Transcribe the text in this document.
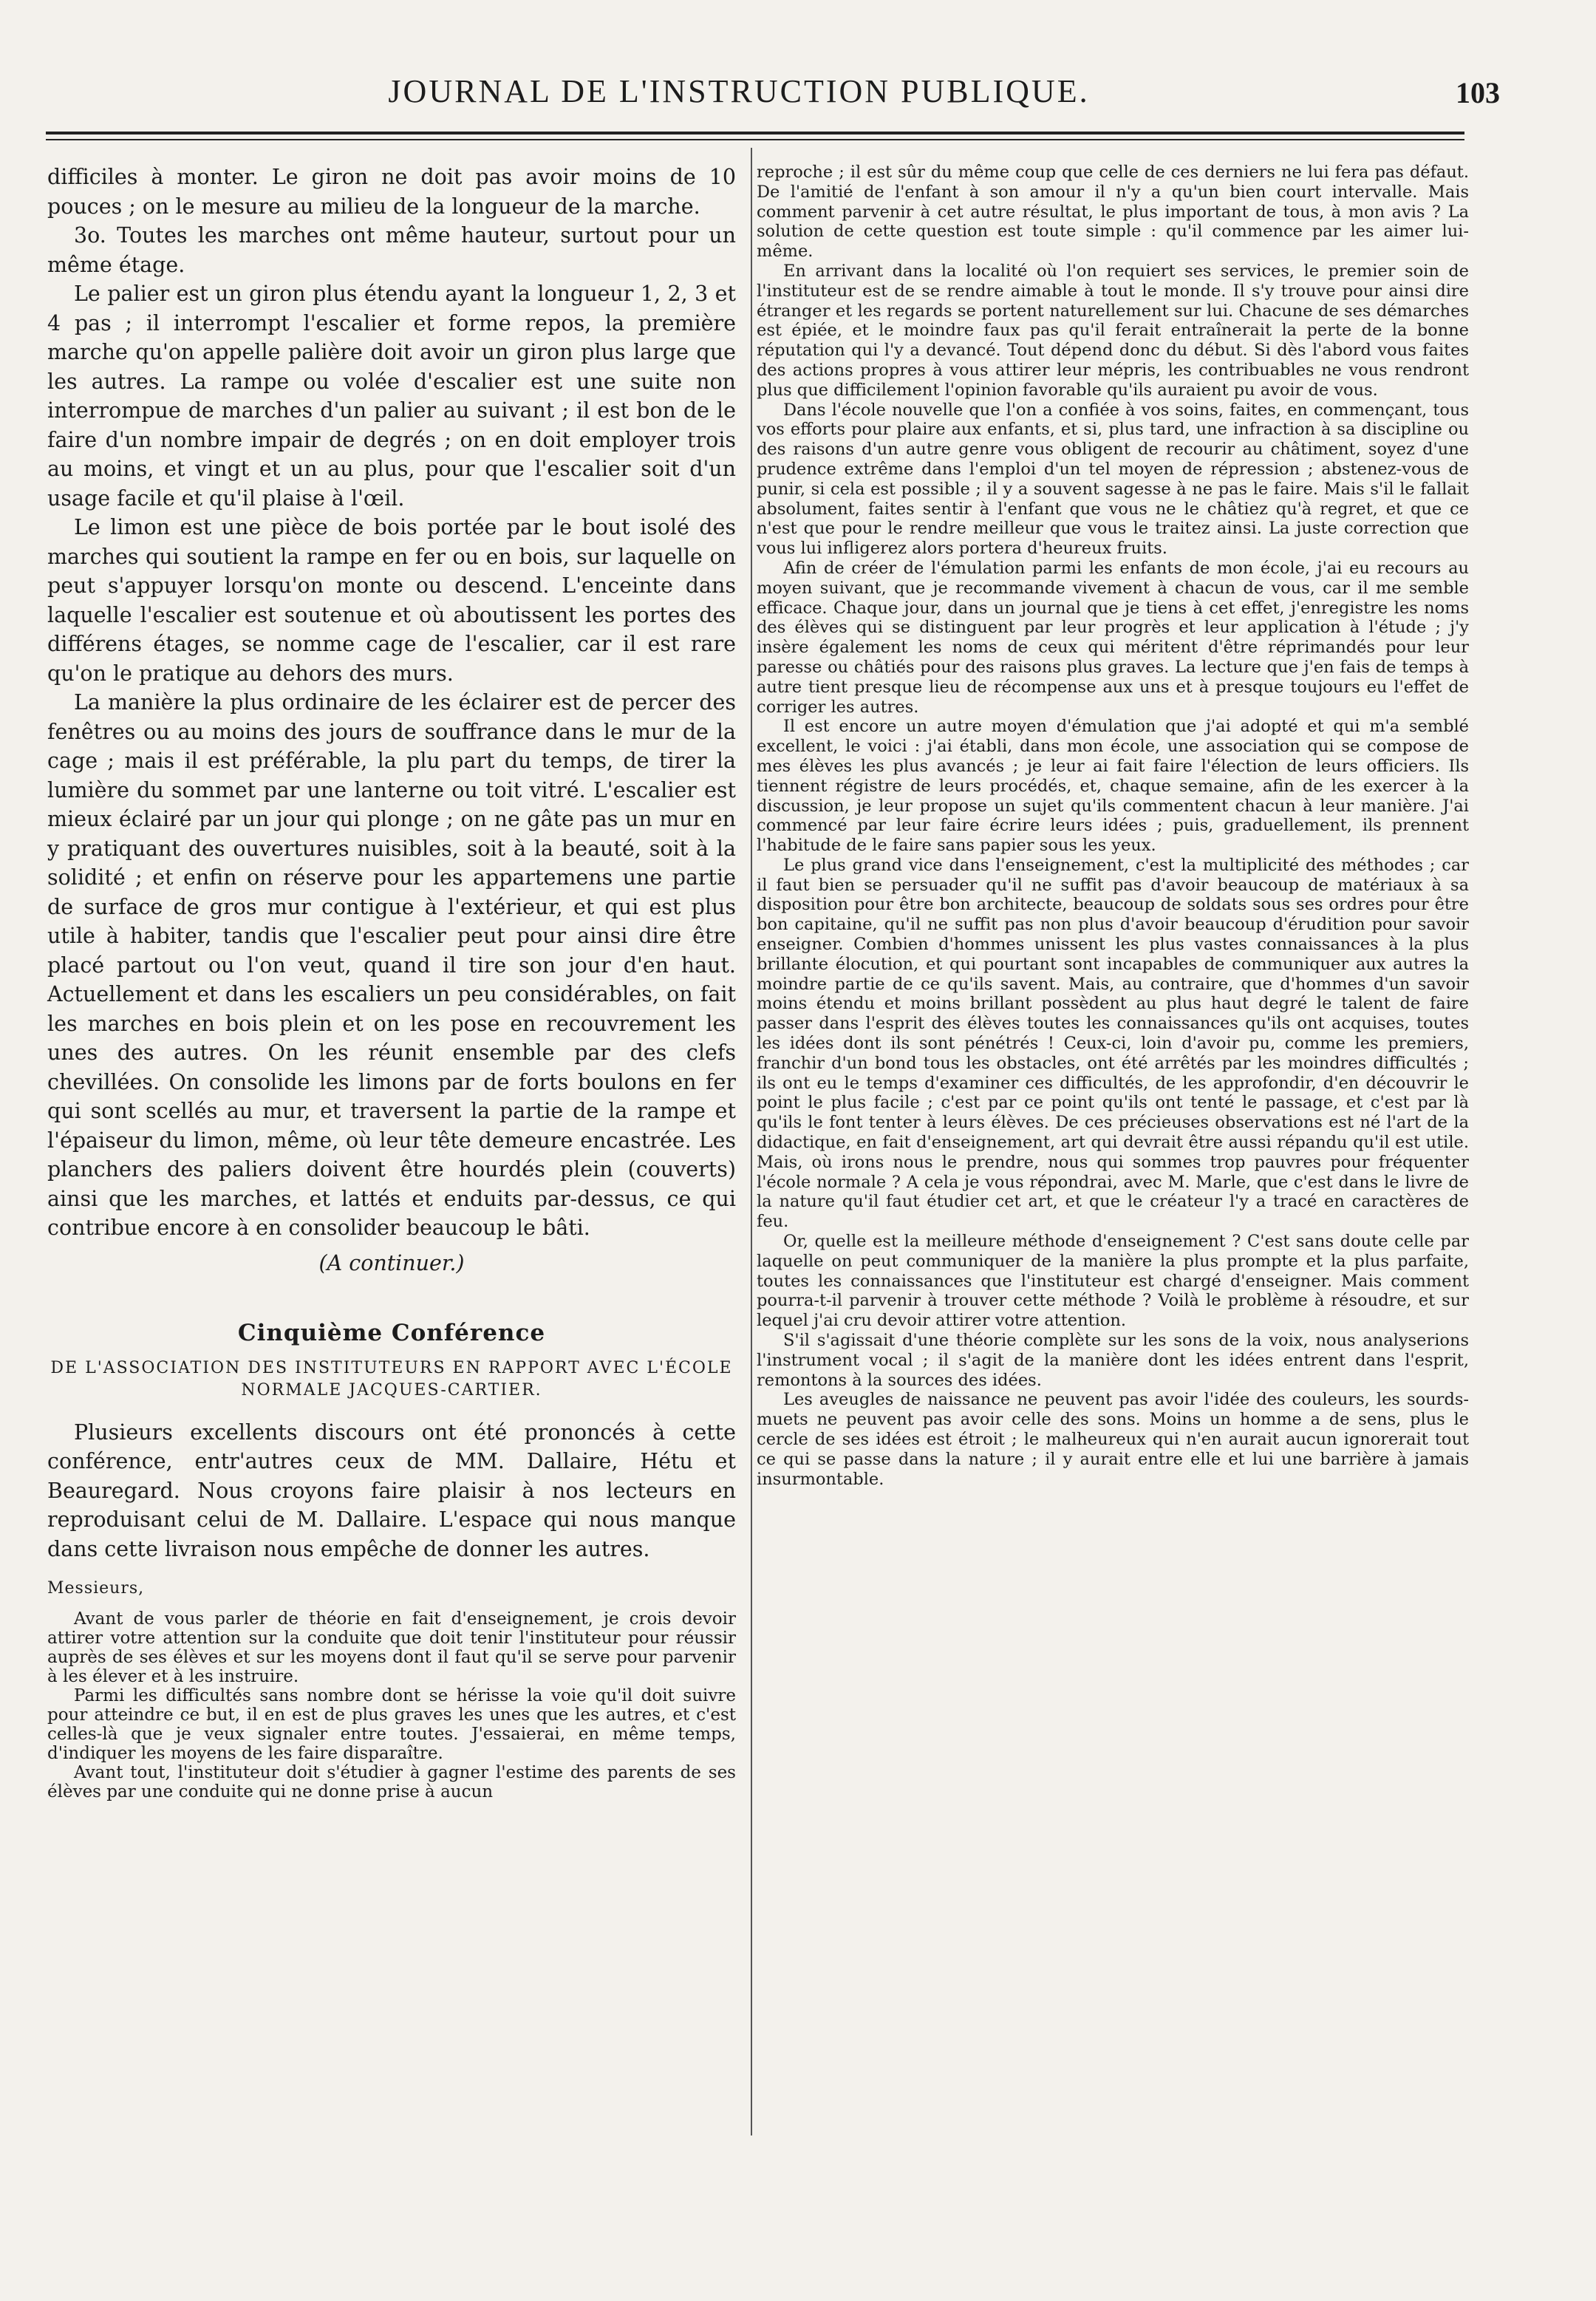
JOURNAL DE L'INSTRUCTION PUBLIQUE.	103

difficiles à monter. Le giron ne doit pas avoir moins de 10 pouces ; on le mesure au milieu de la longueur de la marche.

3o. Toutes les marches ont même hauteur, surtout pour un même étage.

Le palier est un giron plus étendu ayant la longueur 1, 2, 3 et 4 pas ; il interrompt l'escalier et forme repos, la première marche qu'on appelle palière doit avoir un giron plus large que les autres. La rampe ou volée d'escalier est une suite non interrompue de marches d'un palier au suivant ; il est bon de le faire d'un nombre impair de degrés ; on en doit employer trois au moins, et vingt et un au plus, pour que l'escalier soit d'un usage facile et qu'il plaise à l'œil.

Le limon est une pièce de bois portée par le bout isolé des marches qui soutient la rampe en fer ou en bois, sur laquelle on peut s'appuyer lorsqu'on monte ou descend. L'enceinte dans laquelle l'escalier est soutenue et où aboutissent les portes des différens étages, se nomme cage de l'escalier, car il est rare qu'on le pratique au dehors des murs.

La manière la plus ordinaire de les éclairer est de percer des fenêtres ou au moins des jours de souffrance dans le mur de la cage ; mais il est préférable, la plu part du temps, de tirer la lumière du sommet par une lanterne ou toit vitré. L'escalier est mieux éclairé par un jour qui plonge ; on ne gâte pas un mur en y pratiquant des ouvertures nuisibles, soit à la beauté, soit à la solidité ; et enfin on réserve pour les appartemens une partie de surface de gros mur contigue à l'extérieur, et qui est plus utile à habiter, tandis que l'escalier peut pour ainsi dire être placé partout ou l'on veut, quand il tire son jour d'en haut. Actuellement et dans les escaliers un peu considérables, on fait les marches en bois plein et on les pose en recouvrement les unes des autres. On les réunit ensemble par des clefs chevillées. On consolide les limons par de forts boulons en fer qui sont scellés au mur, et traversent la partie de la rampe et l'épaiseur du limon, même, où leur tête demeure encastrée. Les planchers des paliers doivent être hourdés plein (couverts) ainsi que les marches, et lattés et enduits par-dessus, ce qui contribue encore à en consolider beaucoup le bâti.

(A continuer.)

Cinquième Conférence
DE L'ASSOCIATION DES INSTITUTEURS EN RAPPORT AVEC L'ÉCOLE NORMALE JACQUES-CARTIER.

Plusieurs excellents discours ont été prononcés à cette conférence, entr'autres ceux de MM. Dallaire, Hétu et Beauregard. Nous croyons faire plaisir à nos lecteurs en reproduisant celui de M. Dallaire. L'espace qui nous manque dans cette livraison nous empêche de donner les autres.

Messieurs,

Avant de vous parler de théorie en fait d'enseignement, je crois devoir attirer votre attention sur la conduite que doit tenir l'instituteur pour réussir auprès de ses élèves et sur les moyens dont il faut qu'il se serve pour parvenir à les élever et à les instruire.

Parmi les difficultés sans nombre dont se hérisse la voie qu'il doit suivre pour atteindre ce but, il en est de plus graves les unes que les autres, et c'est celles-là que je veux signaler entre toutes. J'essaierai, en même temps, d'indiquer les moyens de les faire disparaître.

Avant tout, l'instituteur doit s'étudier à gagner l'estime des parents de ses élèves par une conduite qui ne donne prise à aucun

reproche ; il est sûr du même coup que celle de ces derniers ne lui fera pas défaut. De l'amitié de l'enfant à son amour il n'y a qu'un bien court intervalle. Mais comment parvenir à cet autre résultat, le plus important de tous, à mon avis ? La solution de cette question est toute simple : qu'il commence par les aimer lui-même.

En arrivant dans la localité où l'on requiert ses services, le premier soin de l'instituteur est de se rendre aimable à tout le monde. Il s'y trouve pour ainsi dire étranger et les regards se portent naturellement sur lui. Chacune de ses démarches est épiée, et le moindre faux pas qu'il ferait entraînerait la perte de la bonne réputation qui l'y a devancé. Tout dépend donc du début. Si dès l'abord vous faites des actions propres à vous attirer leur mépris, les contribuables ne vous rendront plus que difficilement l'opinion favorable qu'ils auraient pu avoir de vous.

Dans l'école nouvelle que l'on a confiée à vos soins, faites, en commençant, tous vos efforts pour plaire aux enfants, et si, plus tard, une infraction à sa discipline ou des raisons d'un autre genre vous obligent de recourir au châtiment, soyez d'une prudence extrême dans l'emploi d'un tel moyen de répression ; abstenez-vous de punir, si cela est possible ; il y a souvent sagesse à ne pas le faire. Mais s'il le fallait absolument, faites sentir à l'enfant que vous ne le châtiez qu'à regret, et que ce n'est que pour le rendre meilleur que vous le traitez ainsi. La juste correction que vous lui infligerez alors portera d'heureux fruits.

Afin de créer de l'émulation parmi les enfants de mon école, j'ai eu recours au moyen suivant, que je recommande vivement à chacun de vous, car il me semble efficace. Chaque jour, dans un journal que je tiens à cet effet, j'enregistre les noms des élèves qui se distinguent par leur progrès et leur application à l'étude ; j'y insère également les noms de ceux qui méritent d'être réprimandés pour leur paresse ou châtiés pour des raisons plus graves. La lecture que j'en fais de temps à autre tient presque lieu de récompense aux uns et à presque toujours eu l'effet de corriger les autres.

Il est encore un autre moyen d'émulation que j'ai adopté et qui m'a semblé excellent, le voici : j'ai établi, dans mon école, une association qui se compose de mes élèves les plus avancés ; je leur ai fait faire l'élection de leurs officiers. Ils tiennent régistre de leurs procédés, et, chaque semaine, afin de les exercer à la discussion, je leur propose un sujet qu'ils commentent chacun à leur manière. J'ai commencé par leur faire écrire leurs idées ; puis, graduellement, ils prennent l'habitude de le faire sans papier sous les yeux.

Le plus grand vice dans l'enseignement, c'est la multiplicité des méthodes ; car il faut bien se persuader qu'il ne suffit pas d'avoir beaucoup de matériaux à sa disposition pour être bon architecte, beaucoup de soldats sous ses ordres pour être bon capitaine, qu'il ne suffit pas non plus d'avoir beaucoup d'érudition pour savoir enseigner. Combien d'hommes unissent les plus vastes connaissances à la plus brillante élocution, et qui pourtant sont incapables de communiquer aux autres la moindre partie de ce qu'ils savent. Mais, au contraire, que d'hommes d'un savoir moins étendu et moins brillant possèdent au plus haut degré le talent de faire passer dans l'esprit des élèves toutes les connaissances qu'ils ont acquises, toutes les idées dont ils sont pénétrés ! Ceux-ci, loin d'avoir pu, comme les premiers, franchir d'un bond tous les obstacles, ont été arrêtés par les moindres difficultés ; ils ont eu le temps d'examiner ces difficultés, de les approfondir, d'en découvrir le point le plus facile ; c'est par ce point qu'ils ont tenté le passage, et c'est par là qu'ils le font tenter à leurs élèves. De ces précieuses observations est né l'art de la didactique, en fait d'enseignement, art qui devrait être aussi répandu qu'il est utile. Mais, où irons nous le prendre, nous qui sommes trop pauvres pour fréquenter l'école normale ? A cela je vous répondrai, avec M. Marle, que c'est dans le livre de la nature qu'il faut étudier cet art, et que le créateur l'y a tracé en caractères de feu.

Or, quelle est la meilleure méthode d'enseignement ? C'est sans doute celle par laquelle on peut communiquer de la manière la plus prompte et la plus parfaite, toutes les connaissances que l'instituteur est chargé d'enseigner. Mais comment pourra-t-il parvenir à trouver cette méthode ? Voilà le problème à résoudre, et sur lequel j'ai cru devoir attirer votre attention.

S'il s'agissait d'une théorie complète sur les sons de la voix, nous analyserions l'instrument vocal ; il s'agit de la manière dont les idées entrent dans l'esprit, remontons à la sources des idées.

Les aveugles de naissance ne peuvent pas avoir l'idée des couleurs, les sourds-muets ne peuvent pas avoir celle des sons. Moins un homme a de sens, plus le cercle de ses idées est étroit ; le malheureux qui n'en aurait aucun ignorerait tout ce qui se passe dans la nature ; il y aurait entre elle et lui une barrière à jamais insurmontable.
